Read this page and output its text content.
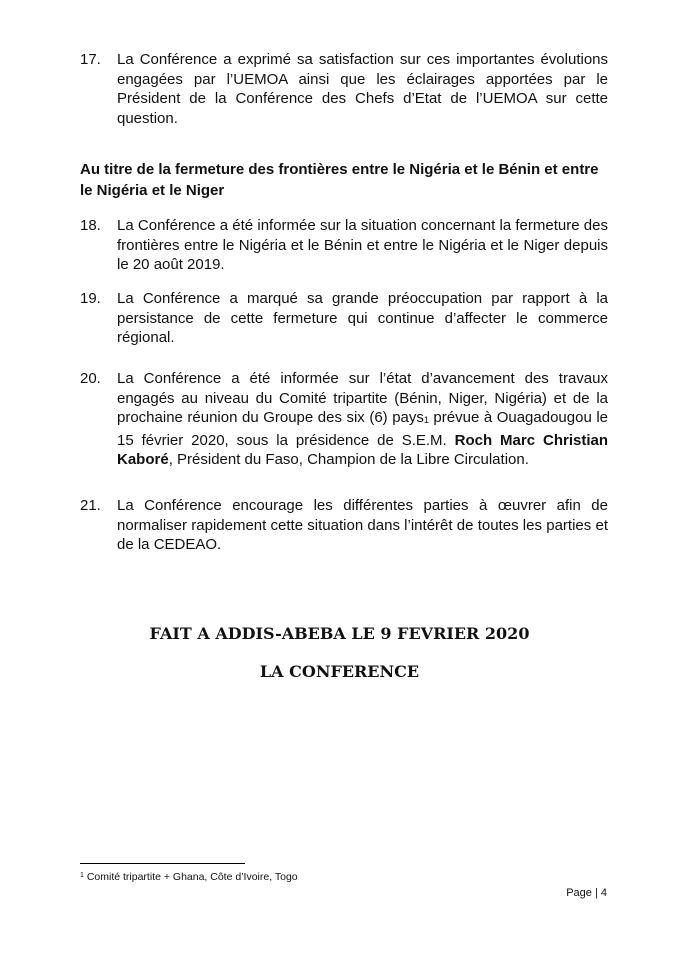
17.	La Conférence a exprimé sa satisfaction sur ces importantes évolutions engagées par l’UEMOA ainsi que les éclairages apportées par le Président de la Conférence des Chefs d’Etat de l’UEMOA sur cette question.
Au titre de la fermeture des frontières entre le Nigéria et le Bénin et entre le Nigéria et le Niger
18.	La Conférence a été informée sur la situation concernant la fermeture des frontières entre le Nigéria et le Bénin et entre le Nigéria et le Niger depuis le 20 août 2019.
19.	La Conférence a marqué sa grande préoccupation par rapport à la persistance de cette fermeture qui continue d’affecter le commerce régional.
20.	La Conférence a été informée sur l’état d’avancement des travaux engagés au niveau du Comité tripartite (Bénin, Niger, Nigéria) et de la prochaine réunion du Groupe des six (6) pays$_1$ prévue à Ouagadougou le 15 février 2020, sous la présidence de S.E.M. Roch Marc Christian Kaboré, Président du Faso, Champion de la Libre Circulation.
21.	La Conférence encourage les différentes parties à œuvrer afin de normaliser rapidement cette situation dans l’intérêt de toutes les parties et de la CEDEAO.
FAIT A ADDIS-ABEBA LE 9 FEVRIER 2020
LA CONFERENCE
$^1$ Comité tripartite + Ghana, Côte d’Ivoire, Togo
Page | 4
